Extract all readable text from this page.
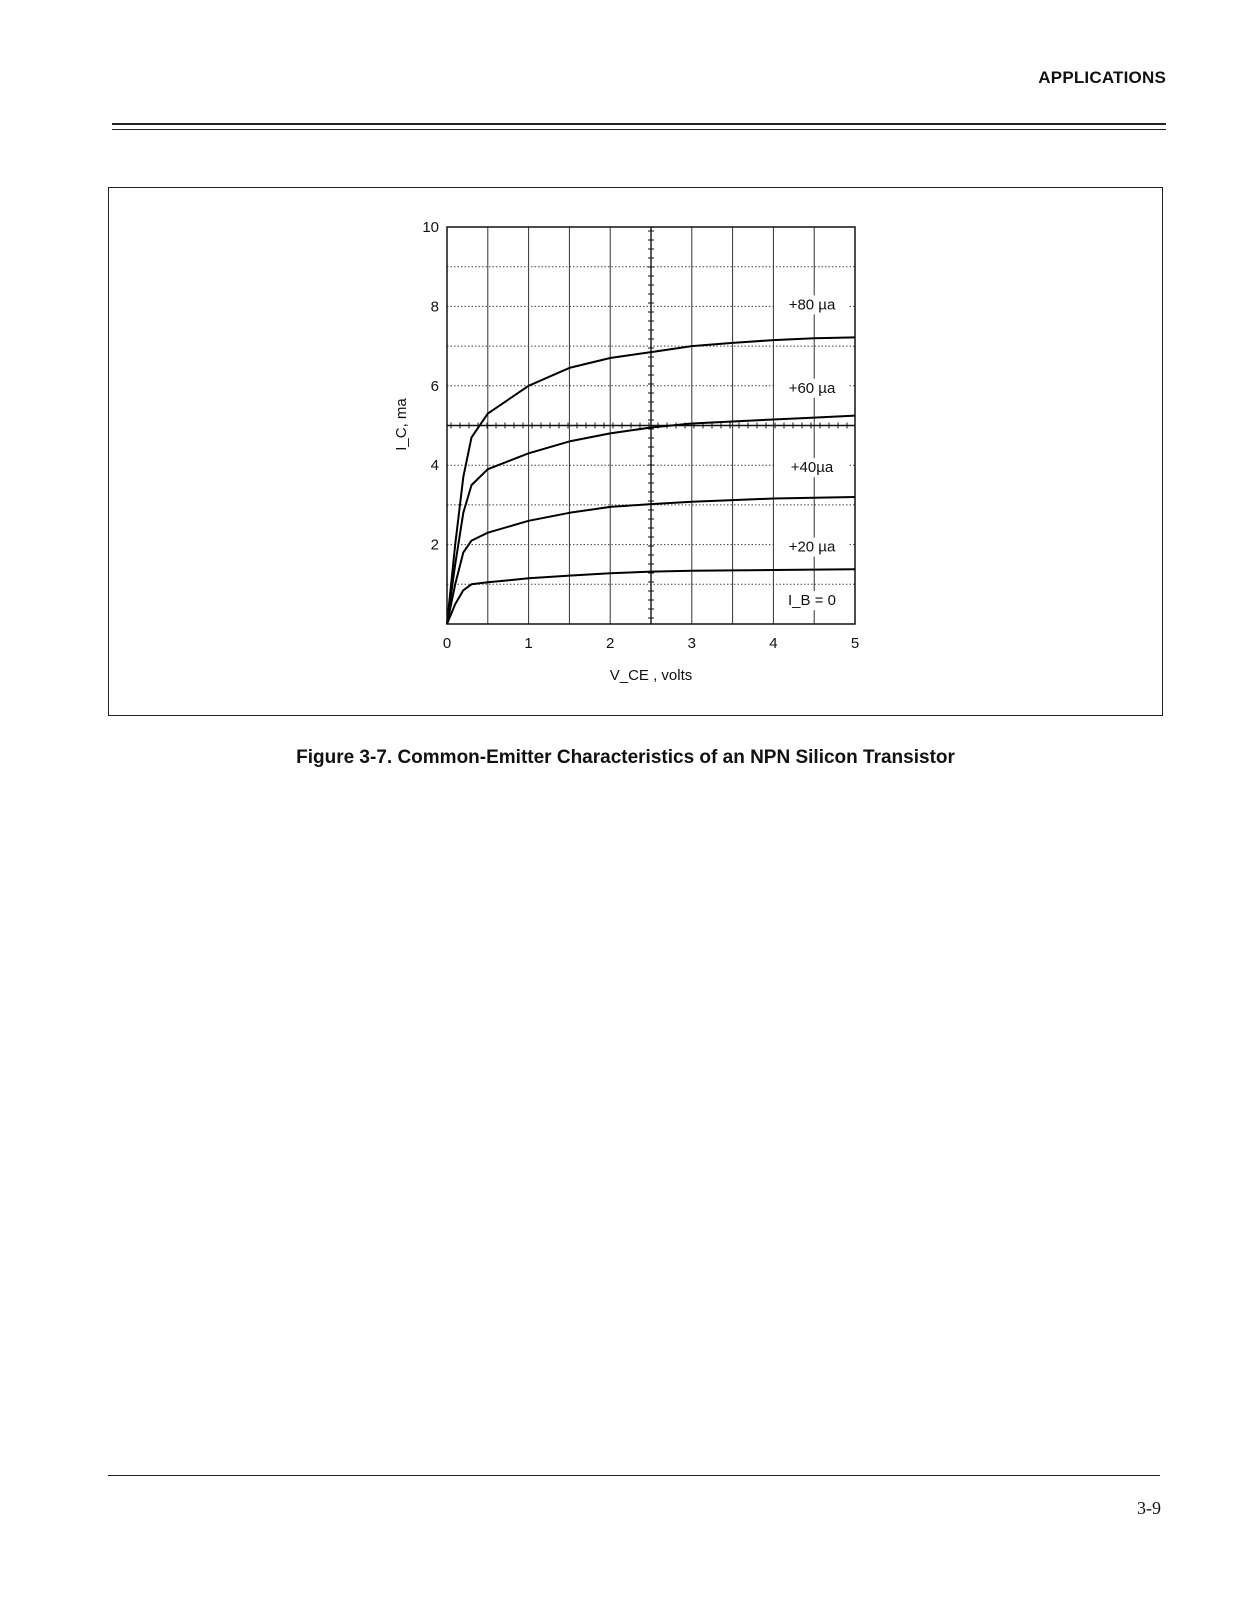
APPLICATIONS
I_B = 0
+20 µa
+40µa
+60 µa
+80 µa
0	1	2	3	4	5
2
4
6
8
10
I_C, ma
V_CE , volts
Figure 3-7. Common-Emitter Characteristics of an NPN Silicon Transistor
3-9
